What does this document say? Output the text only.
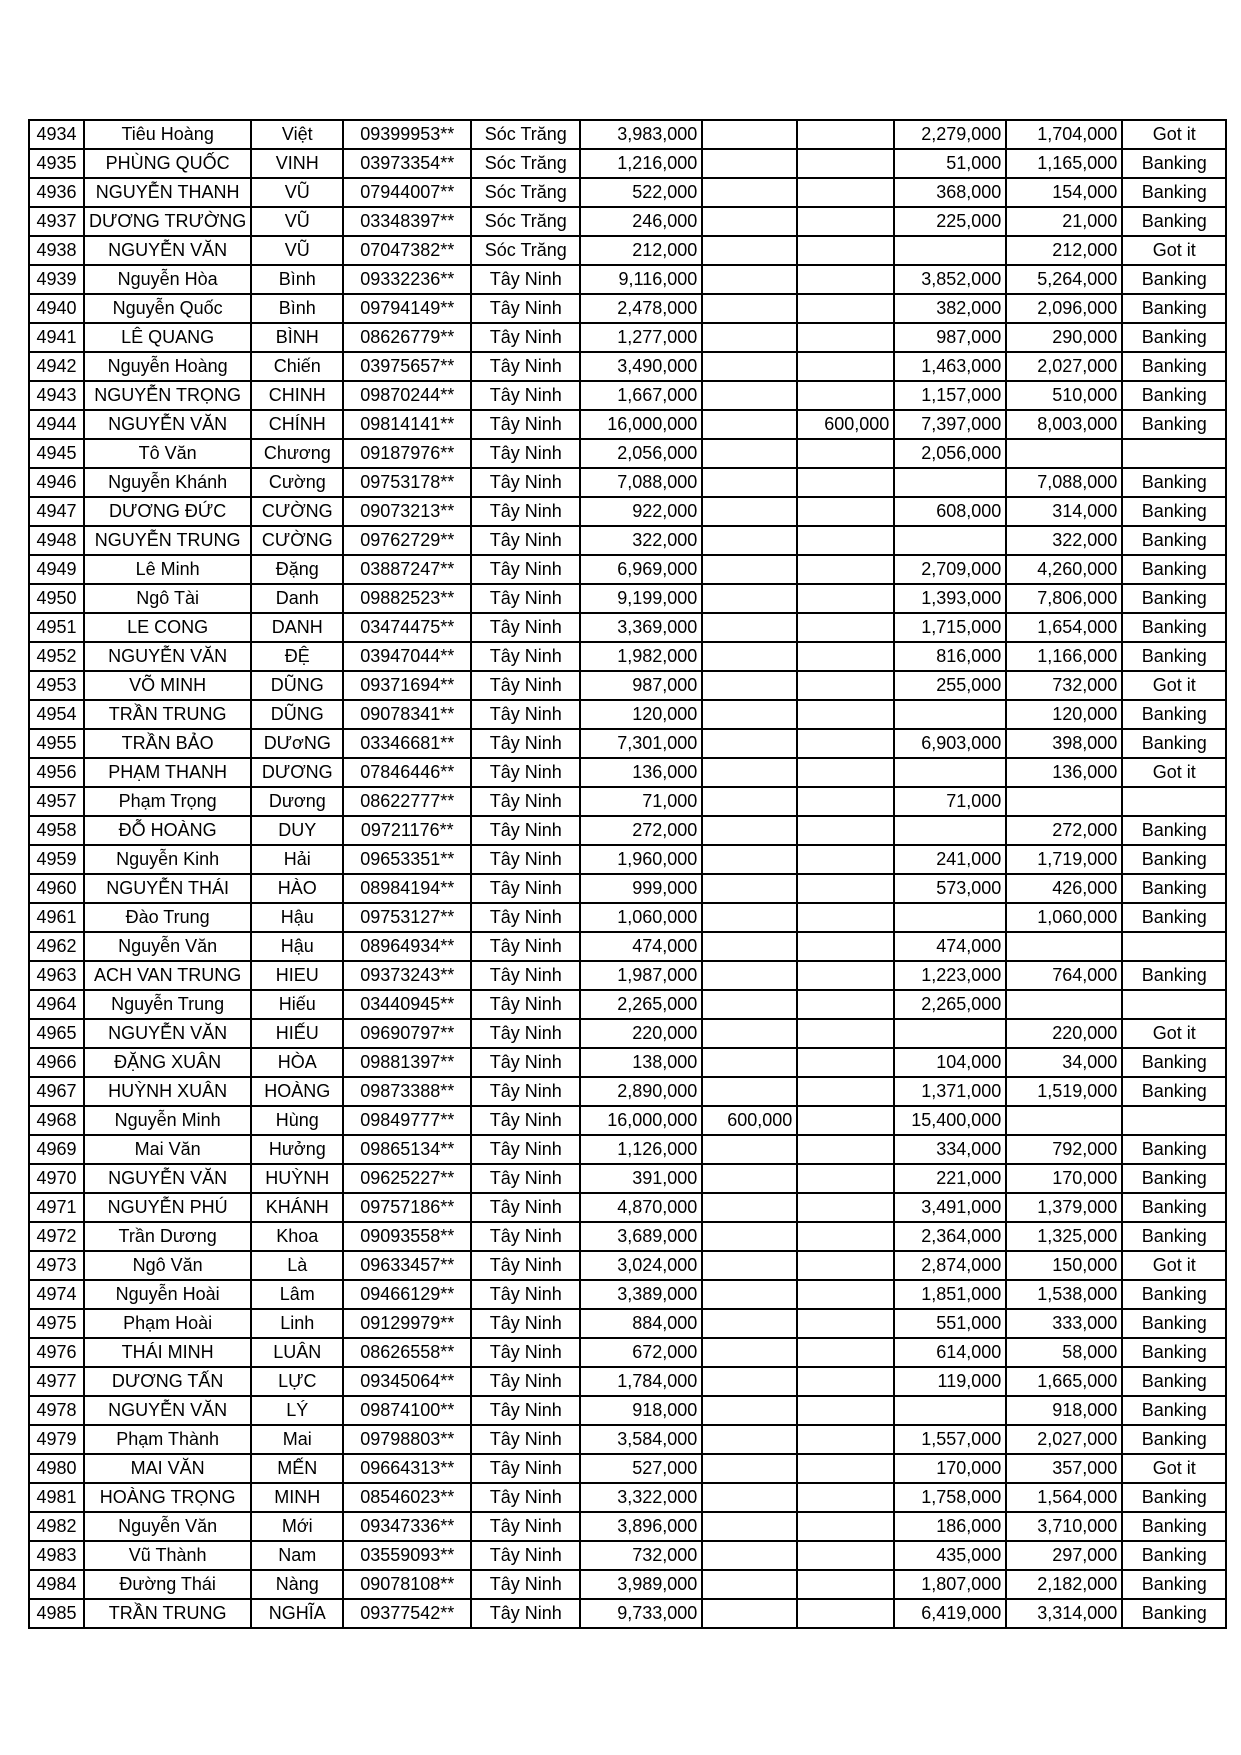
4934	Tiêu Hoàng	Việt	09399953**	Sóc Trăng	3,983,000			2,279,000	1,704,000	Got it
4935	PHÙNG QUỐC	VINH	03973354**	Sóc Trăng	1,216,000			51,000	1,165,000	Banking
4936	NGUYỄN THANH	VŨ	07944007**	Sóc Trăng	522,000			368,000	154,000	Banking
4937	DƯƠNG TRƯỜNG	VŨ	03348397**	Sóc Trăng	246,000			225,000	21,000	Banking
4938	NGUYỄN VĂN	VŨ	07047382**	Sóc Trăng	212,000				212,000	Got it
4939	Nguyễn Hòa	Bình	09332236**	Tây Ninh	9,116,000			3,852,000	5,264,000	Banking
4940	Nguyễn Quốc	Bình	09794149**	Tây Ninh	2,478,000			382,000	2,096,000	Banking
4941	LÊ QUANG	BÌNH	08626779**	Tây Ninh	1,277,000			987,000	290,000	Banking
4942	Nguyễn Hoàng	Chiến	03975657**	Tây Ninh	3,490,000			1,463,000	2,027,000	Banking
4943	NGUYỄN TRỌNG	CHINH	09870244**	Tây Ninh	1,667,000			1,157,000	510,000	Banking
4944	NGUYỄN VĂN	CHÍNH	09814141**	Tây Ninh	16,000,000		600,000	7,397,000	8,003,000	Banking
4945	Tô Văn	Chương	09187976**	Tây Ninh	2,056,000			2,056,000		
4946	Nguyễn Khánh	Cường	09753178**	Tây Ninh	7,088,000				7,088,000	Banking
4947	DƯƠNG ĐỨC	CƯỜNG	09073213**	Tây Ninh	922,000			608,000	314,000	Banking
4948	NGUYỄN TRUNG	CƯỜNG	09762729**	Tây Ninh	322,000				322,000	Banking
4949	Lê Minh	Đặng	03887247**	Tây Ninh	6,969,000			2,709,000	4,260,000	Banking
4950	Ngô Tài	Danh	09882523**	Tây Ninh	9,199,000			1,393,000	7,806,000	Banking
4951	LE CONG	DANH	03474475**	Tây Ninh	3,369,000			1,715,000	1,654,000	Banking
4952	NGUYỄN VĂN	ĐỆ	03947044**	Tây Ninh	1,982,000			816,000	1,166,000	Banking
4953	VÕ MINH	DŨNG	09371694**	Tây Ninh	987,000			255,000	732,000	Got it
4954	TRẦN TRUNG	DŨNG	09078341**	Tây Ninh	120,000				120,000	Banking
4955	TRẦN BẢO	DƯơNG	03346681**	Tây Ninh	7,301,000			6,903,000	398,000	Banking
4956	PHẠM THANH	DƯƠNG	07846446**	Tây Ninh	136,000				136,000	Got it
4957	Phạm Trọng	Dương	08622777**	Tây Ninh	71,000			71,000		
4958	ĐỖ HOÀNG	DUY	09721176**	Tây Ninh	272,000				272,000	Banking
4959	Nguyễn Kinh	Hải	09653351**	Tây Ninh	1,960,000			241,000	1,719,000	Banking
4960	NGUYỄN THÁI	HÀO	08984194**	Tây Ninh	999,000			573,000	426,000	Banking
4961	Đào Trung	Hậu	09753127**	Tây Ninh	1,060,000				1,060,000	Banking
4962	Nguyễn Văn	Hậu	08964934**	Tây Ninh	474,000			474,000		
4963	ACH VAN TRUNG	HIEU	09373243**	Tây Ninh	1,987,000			1,223,000	764,000	Banking
4964	Nguyễn Trung	Hiếu	03440945**	Tây Ninh	2,265,000			2,265,000		
4965	NGUYỄN VĂN	HIẾU	09690797**	Tây Ninh	220,000				220,000	Got it
4966	ĐẶNG XUÂN	HÒA	09881397**	Tây Ninh	138,000			104,000	34,000	Banking
4967	HUỲNH XUÂN	HOÀNG	09873388**	Tây Ninh	2,890,000			1,371,000	1,519,000	Banking
4968	Nguyễn Minh	Hùng	09849777**	Tây Ninh	16,000,000	600,000		15,400,000		
4969	Mai Văn	Hưởng	09865134**	Tây Ninh	1,126,000			334,000	792,000	Banking
4970	NGUYỄN VĂN	HUỲNH	09625227**	Tây Ninh	391,000			221,000	170,000	Banking
4971	NGUYỄN PHÚ	KHÁNH	09757186**	Tây Ninh	4,870,000			3,491,000	1,379,000	Banking
4972	Trần Dương	Khoa	09093558**	Tây Ninh	3,689,000			2,364,000	1,325,000	Banking
4973	Ngô Văn	Là	09633457**	Tây Ninh	3,024,000			2,874,000	150,000	Got it
4974	Nguyễn Hoài	Lâm	09466129**	Tây Ninh	3,389,000			1,851,000	1,538,000	Banking
4975	Phạm Hoài	Linh	09129979**	Tây Ninh	884,000			551,000	333,000	Banking
4976	THÁI MINH	LUÂN	08626558**	Tây Ninh	672,000			614,000	58,000	Banking
4977	DƯƠNG TẤN	LỰC	09345064**	Tây Ninh	1,784,000			119,000	1,665,000	Banking
4978	NGUYỄN VĂN	LÝ	09874100**	Tây Ninh	918,000				918,000	Banking
4979	Phạm Thành	Mai	09798803**	Tây Ninh	3,584,000			1,557,000	2,027,000	Banking
4980	MAI VĂN	MẾN	09664313**	Tây Ninh	527,000			170,000	357,000	Got it
4981	HOÀNG TRỌNG	MINH	08546023**	Tây Ninh	3,322,000			1,758,000	1,564,000	Banking
4982	Nguyễn Văn	Mới	09347336**	Tây Ninh	3,896,000			186,000	3,710,000	Banking
4983	Vũ Thành	Nam	03559093**	Tây Ninh	732,000			435,000	297,000	Banking
4984	Đường Thái	Nàng	09078108**	Tây Ninh	3,989,000			1,807,000	2,182,000	Banking
4985	TRẦN TRUNG	NGHĨA	09377542**	Tây Ninh	9,733,000			6,419,000	3,314,000	Banking
